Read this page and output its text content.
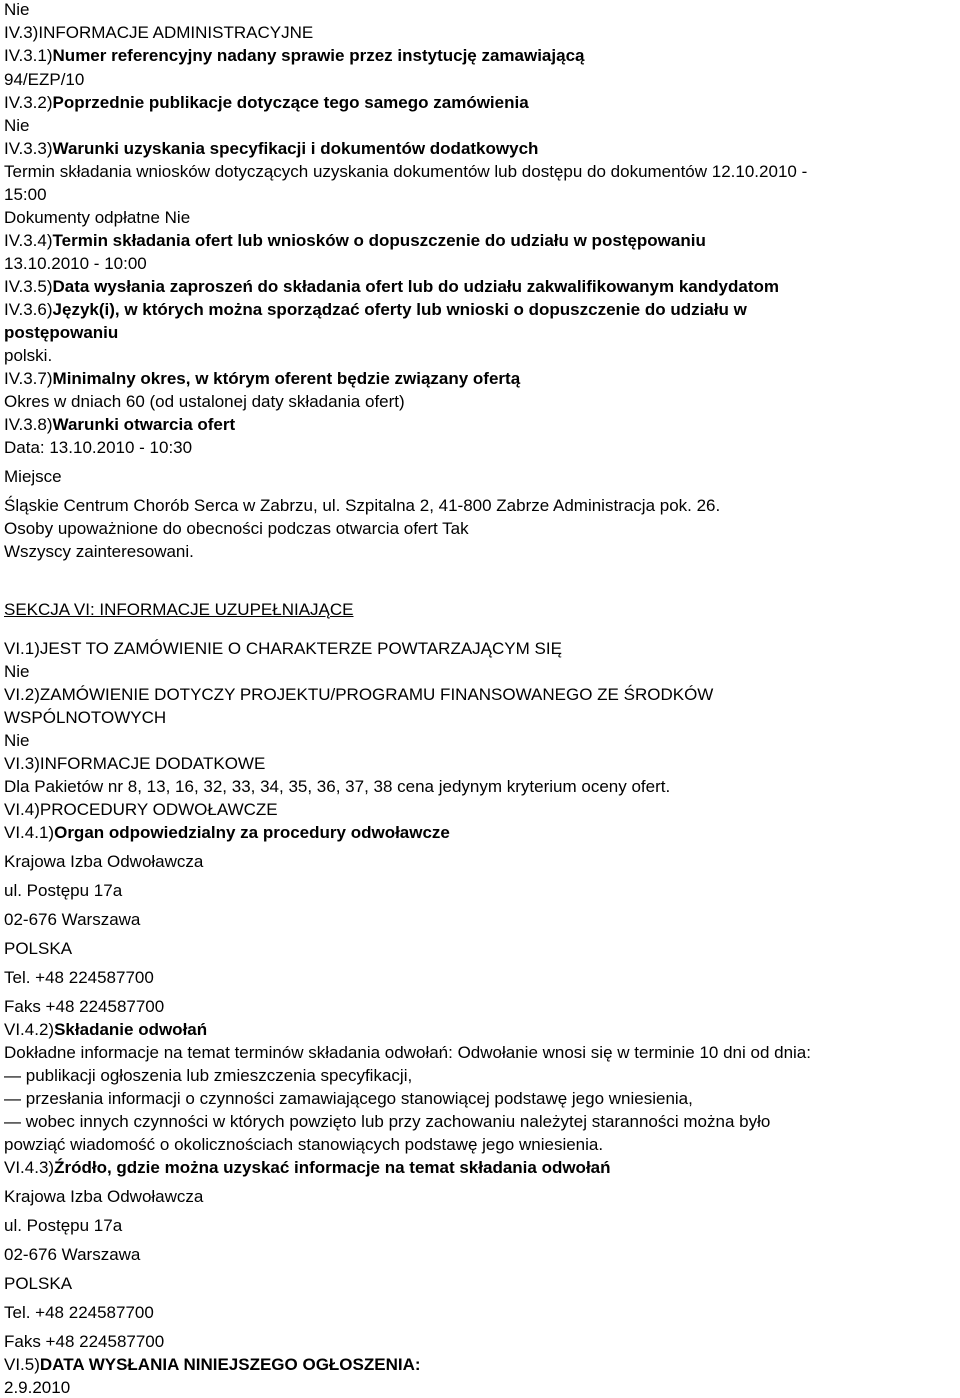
Nie
IV.3)INFORMACJE ADMINISTRACYJNE
IV.3.1)Numer referencyjny nadany sprawie przez instytucję zamawiającą
94/EZP/10
IV.3.2)Poprzednie publikacje dotyczące tego samego zamówienia
Nie
IV.3.3)Warunki uzyskania specyfikacji i dokumentów dodatkowych
Termin składania wniosków dotyczących uzyskania dokumentów lub dostępu do dokumentów 12.10.2010 -
15:00
Dokumenty odpłatne Nie
IV.3.4)Termin składania ofert lub wniosków o dopuszczenie do udziału w postępowaniu
13.10.2010 - 10:00
IV.3.5)Data wysłania zaproszeń do składania ofert lub do udziału zakwalifikowanym kandydatom
IV.3.6)Język(i), w których można sporządzać oferty lub wnioski o dopuszczenie do udziału w
postępowaniu
polski.
IV.3.7)Minimalny okres, w którym oferent będzie związany ofertą
Okres w dniach 60 (od ustalonej daty składania ofert)
IV.3.8)Warunki otwarcia ofert
Data: 13.10.2010 - 10:30
Miejsce
Śląskie Centrum Chorób Serca w Zabrzu, ul. Szpitalna 2, 41-800 Zabrze Administracja pok. 26.
Osoby upoważnione do obecności podczas otwarcia ofert Tak
Wszyscy zainteresowani.
SEKCJA VI: INFORMACJE UZUPEŁNIAJĄCE
VI.1)JEST TO ZAMÓWIENIE O CHARAKTERZE POWTARZAJĄCYM SIĘ
Nie
VI.2)ZAMÓWIENIE DOTYCZY PROJEKTU/PROGRAMU FINANSOWANEGO ZE ŚRODKÓW
WSPÓLNOTOWYCH
Nie
VI.3)INFORMACJE DODATKOWE
Dla Pakietów nr 8, 13, 16, 32, 33, 34, 35, 36, 37, 38 cena jedynym kryterium oceny ofert.
VI.4)PROCEDURY ODWOŁAWCZE
VI.4.1)Organ odpowiedzialny za procedury odwoławcze
Krajowa Izba Odwoławcza
ul. Postępu 17a
02-676 Warszawa
POLSKA
Tel. +48 224587700
Faks +48 224587700
VI.4.2)Składanie odwołań
Dokładne informacje na temat terminów składania odwołań: Odwołanie wnosi się w terminie 10 dni od dnia:
— publikacji ogłoszenia lub zmieszczenia specyfikacji,
— przesłania informacji o czynności zamawiającego stanowiącej podstawę jego wniesienia,
— wobec innych czynności w których powzięto lub przy zachowaniu należytej staranności można było
powziąć wiadomość o okolicznościach stanowiących podstawę jego wniesienia.
VI.4.3)Źródło, gdzie można uzyskać informacje na temat składania odwołań
Krajowa Izba Odwoławcza
ul. Postępu 17a
02-676 Warszawa
POLSKA
Tel. +48 224587700
Faks +48 224587700
VI.5)DATA WYSŁANIA NINIEJSZEGO OGŁOSZENIA:
2.9.2010
